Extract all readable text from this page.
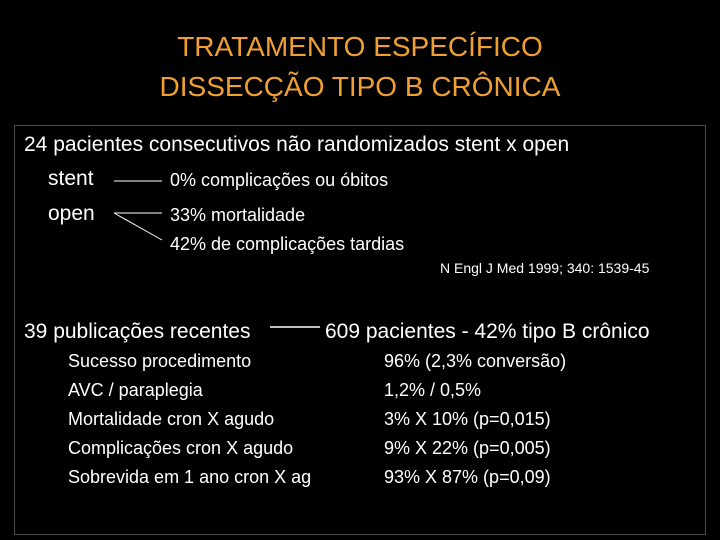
TRATAMENTO ESPECÍFICO
DISSECÇÃO TIPO B CRÔNICA
24 pacientes consecutivos não randomizados stent x open
stent	0% complicações ou óbitos
open	33% mortalidade
42% de complicações tardias
N Engl J Med 1999; 340: 1539-45
39 publicações recentes	609 pacientes - 42% tipo B crônico
Sucesso procedimento	96% (2,3% conversão)
AVC / paraplegia	1,2% / 0,5%
Mortalidade cron X agudo	3% X 10% (p=0,015)
Complicações cron X agudo	9% X 22% (p=0,005)
Sobrevida em 1 ano cron X ag	93% X 87% (p=0,09)
